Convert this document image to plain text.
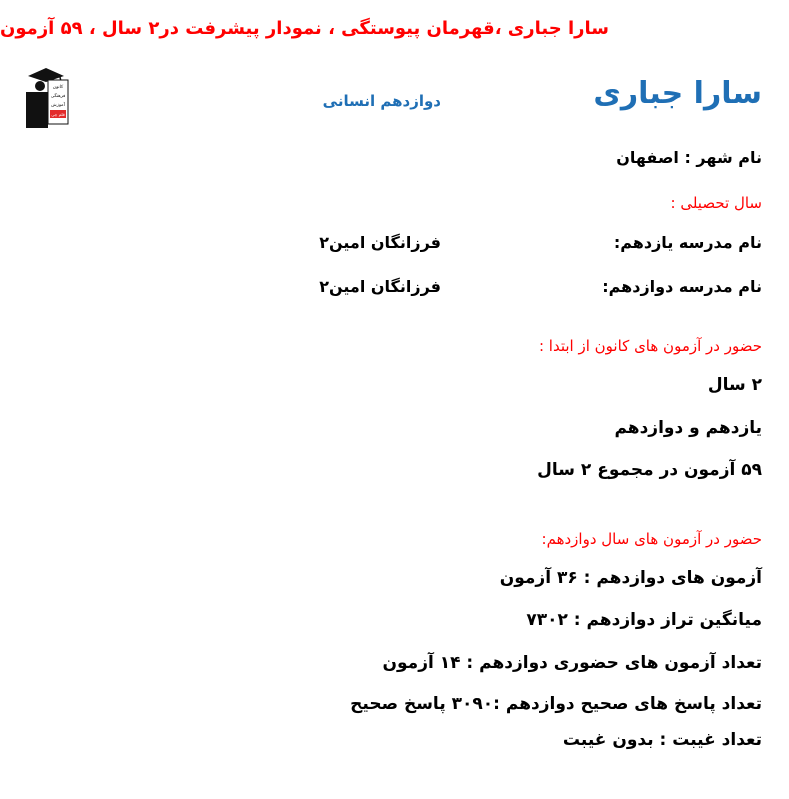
سارا جباری ،قهرمان پیوستگی ، نمودار پیشرفت در۲ سال ، ۵۹ آزمون
کانون
فرهنگی
آموزش
قلم چی
سارا جباری
دوازدهم انسانی
نام شهر : اصفهان
سال تحصیلی :
نام مدرسه یازدهم:
فرزانگان امین۲
نام مدرسه دوازدهم:
فرزانگان امین۲
حضور در آزمون های کانون از ابتدا :
۲ سال
یازدهم و دوازدهم
۵۹ آزمون در مجموع ۲ سال
حضور در آزمون های سال دوازدهم:
آزمون های دوازدهم : ۳۶ آزمون
میانگین تراز دوازدهم : ۷۳۰۲
تعداد آزمون های حضوری دوازدهم : ۱۴ آزمون
تعداد پاسخ های صحیح دوازدهم :۳۰۹۰ پاسخ صحیح
تعداد غیبت : بدون غیبت
